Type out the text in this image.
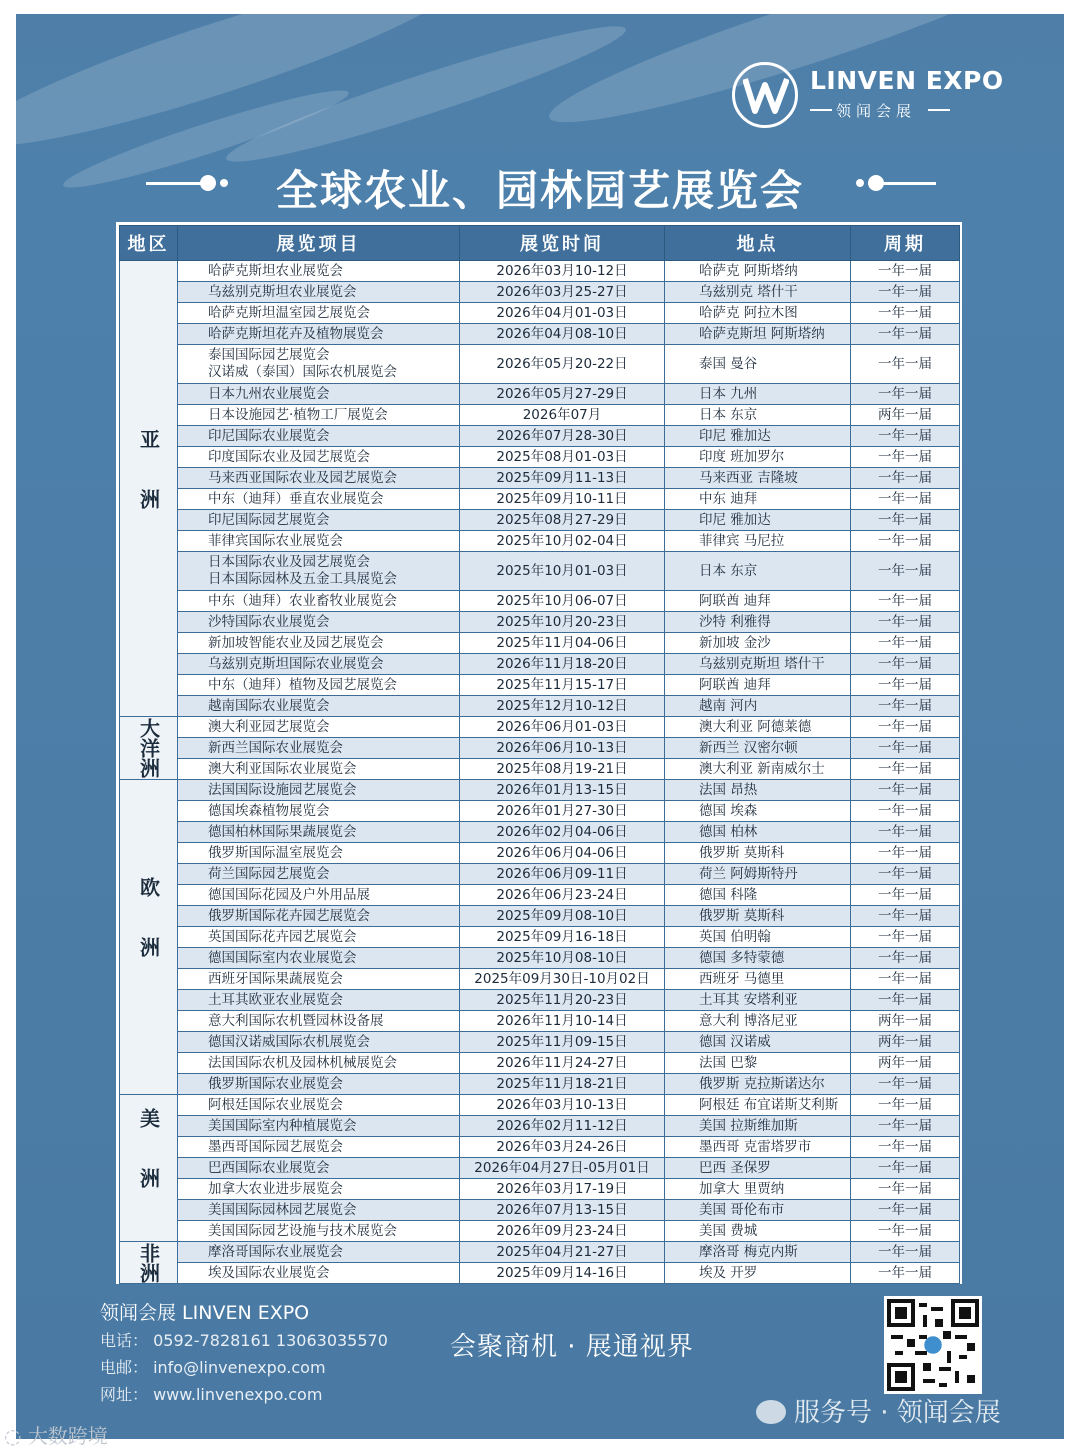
LINVEN EXPO
领闻会展
全球农业、园林园艺展览会
地区	展览项目	展览时间	地点	周期
亚洲	哈萨克斯坦农业展览会	2026年03月10-12日	哈萨克 阿斯塔纳	一年一届

	乌兹别克斯坦农业展览会	2026年03月25-27日	乌兹别克 塔什干	一年一届

	哈萨克斯坦温室园艺展览会	2026年04月01-03日	哈萨克 阿拉木图	一年一届

	哈萨克斯坦花卉及植物展览会	2026年04月08-10日	哈萨克斯坦 阿斯塔纳	一年一届

	泰国国际园艺展览会
汉诺威（泰国）国际农机展览会	2026年05月20-22日	泰国 曼谷	一年一届

	日本九州农业展览会	2026年05月27-29日	日本 九州	一年一届

	日本设施园艺·植物工厂展览会	2026年07月	日本 东京	两年一届

	印尼国际农业展览会	2026年07月28-30日	印尼 雅加达	一年一届

	印度国际农业及园艺展览会	2025年08月01-03日	印度 班加罗尔	一年一届

	马来西亚国际农业及园艺展览会	2025年09月11-13日	马来西亚 吉隆坡	一年一届

	中东（迪拜）垂直农业展览会	2025年09月10-11日	中东 迪拜	一年一届

	印尼国际园艺展览会	2025年08月27-29日	印尼 雅加达	一年一届

	菲律宾国际农业展览会	2025年10月02-04日	菲律宾 马尼拉	一年一届

	日本国际农业及园艺展览会
日本国际园林及五金工具展览会	2025年10月01-03日	日本 东京	一年一届

	中东（迪拜）农业畜牧业展览会	2025年10月06-07日	阿联酋 迪拜	一年一届

	沙特国际农业展览会	2025年10月20-23日	沙特 利雅得	一年一届

	新加坡智能农业及园艺展览会	2025年11月04-06日	新加坡 金沙	一年一届

	乌兹别克斯坦国际农业展览会	2026年11月18-20日	乌兹别克斯坦 塔什干	一年一届

	中东（迪拜）植物及园艺展览会	2025年11月15-17日	阿联酋 迪拜	一年一届

	越南国际农业展览会	2025年12月10-12日	越南 河内	一年一届
大洋洲	澳大利亚园艺展览会	2026年06月01-03日	澳大利亚 阿德莱德	一年一届

	新西兰国际农业展览会	2026年06月10-13日	新西兰 汉密尔顿	一年一届

	澳大利亚国际农业展览会	2025年08月19-21日	澳大利亚 新南威尔士	一年一届
欧洲	法国国际设施园艺展览会	2026年01月13-15日	法国 昂热	一年一届

	德国埃森植物展览会	2026年01月27-30日	德国 埃森	一年一届

	德国柏林国际果蔬展览会	2026年02月04-06日	德国 柏林	一年一届

	俄罗斯国际温室展览会	2026年06月04-06日	俄罗斯 莫斯科	一年一届

	荷兰国际园艺展览会	2026年06月09-11日	荷兰 阿姆斯特丹	一年一届

	德国国际花园及户外用品展	2026年06月23-24日	德国 科隆	一年一届

	俄罗斯国际花卉园艺展览会	2025年09月08-10日	俄罗斯 莫斯科	一年一届

	英国国际花卉园艺展览会	2025年09月16-18日	英国 伯明翰	一年一届

	德国国际室内农业展览会	2025年10月08-10日	德国 多特蒙德	一年一届

	西班牙国际果蔬展览会	2025年09月30日-10月02日	西班牙 马德里	一年一届

	土耳其欧亚农业展览会	2025年11月20-23日	土耳其 安塔利亚	一年一届

	意大利国际农机暨园林设备展	2026年11月10-14日	意大利 博洛尼亚	两年一届

	德国汉诺威国际农机展览会	2025年11月09-15日	德国 汉诺威	两年一届

	法国国际农机及园林机械展览会	2026年11月24-27日	法国 巴黎	两年一届

	俄罗斯国际农业展览会	2025年11月18-21日	俄罗斯 克拉斯诺达尔	一年一届
美洲	阿根廷国际农业展览会	2026年03月10-13日	阿根廷 布宜诺斯艾利斯	一年一届

	美国国际室内种植展览会	2026年02月11-12日	美国 拉斯维加斯	一年一届

	墨西哥国际园艺展览会	2026年03月24-26日	墨西哥 克雷塔罗市	一年一届

	巴西国际农业展览会	2026年04月27日-05月01日	巴西 圣保罗	一年一届

	加拿大农业进步展览会	2026年03月17-19日	加拿大 里贾纳	一年一届

	美国国际园林园艺展览会	2026年07月13-15日	美国 哥伦布市	一年一届

	美国国际园艺设施与技术展览会	2026年09月23-24日	美国 费城	一年一届
非洲	摩洛哥国际农业展览会	2025年04月21-27日	摩洛哥 梅克内斯	一年一届

	埃及国际农业展览会	2025年09月14-16日	埃及 开罗	一年一届
领闻会展 LINVEN EXPO
电话： 0592-7828161 13063035570
电邮： info@linvenexpo.com
网址： www.linvenexpo.com
会聚商机 · 展通视界
服务号 · 领闻会展
◌ 大数跨境
